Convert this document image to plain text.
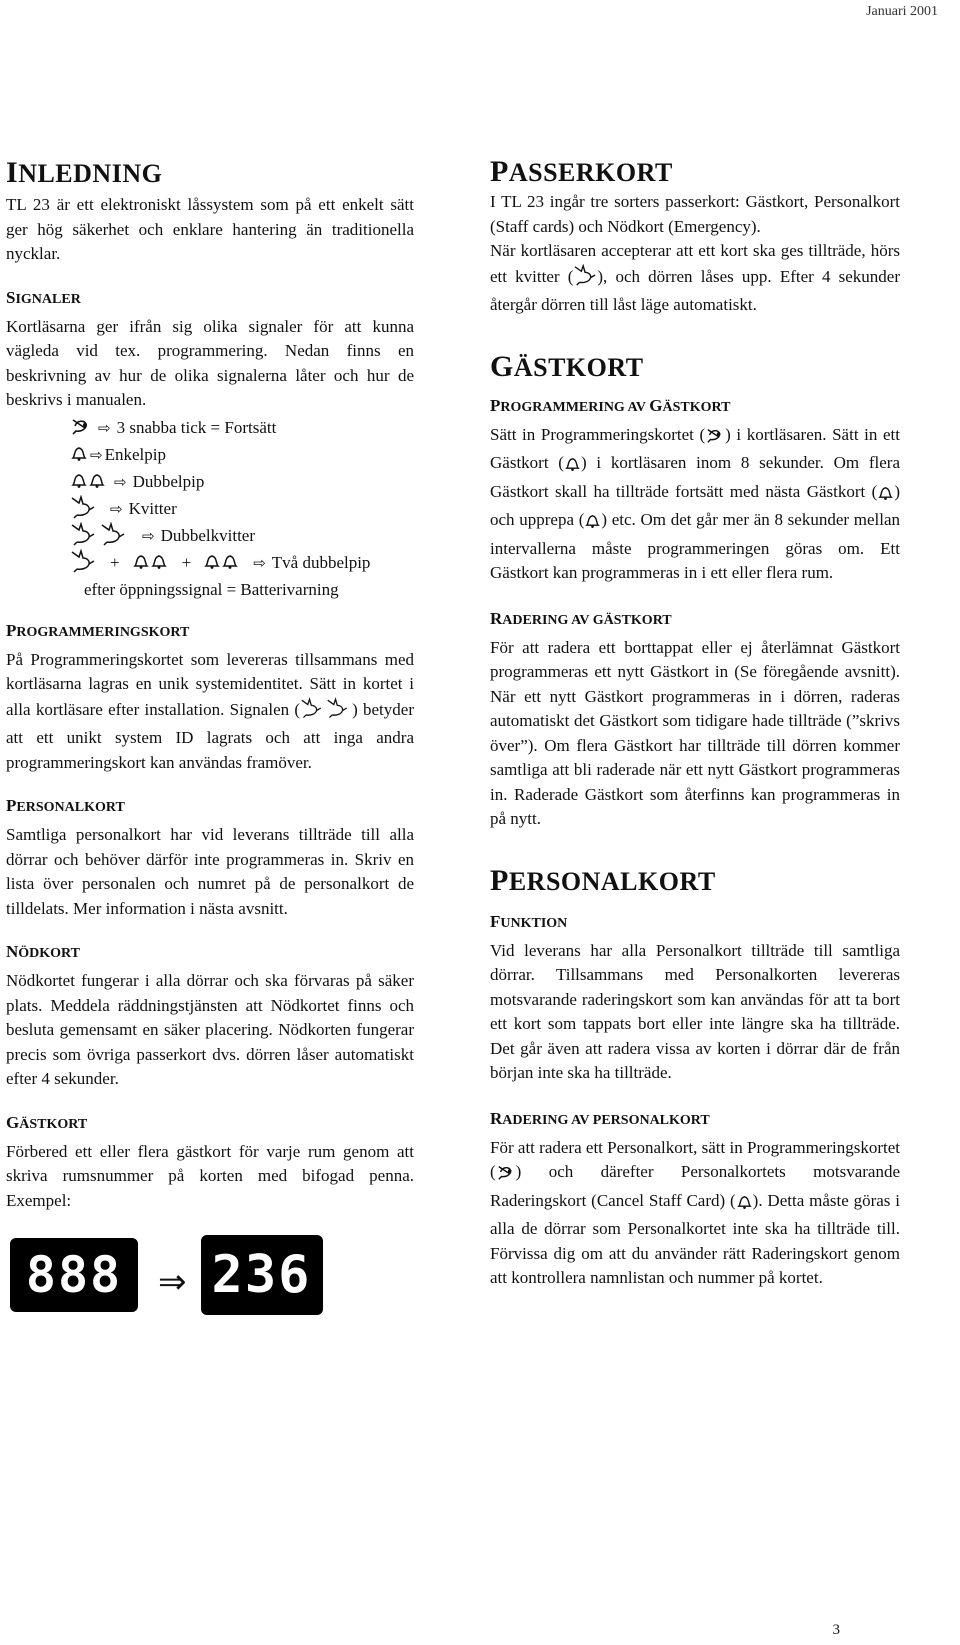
Januari 2001
INLEDNING

TL 23 är ett elektroniskt låssystem som på ett enkelt sätt ger hög säkerhet och enklare hantering än traditionella nycklar.

SIGNALER

Kortläsarna ger ifrån sig olika signaler för att kunna vägleda vid tex. programmering. Nedan finns en beskrivning av hur de olika signalerna låter och hur de beskrivs i manualen.

⇨ 3 snabba tick = Fortsätt
⇨ Enkelpip
⇨ Dubbelpip
⇨ Kvitter
⇨ Dubbelkvitter
+	+	⇨ Två dubbelpip
efter öppningssignal = Batterivarning
PROGRAMMERINGSKORT

På Programmeringskortet som levereras tillsammans med kortläsarna lagras en unik systemidentitet. Sätt in kortet i alla kortläsare efter installation. Signalen (	) betyder att ett unikt system ID lagrats och att inga andra programmeringskort kan användas framöver.

PERSONALKORT

Samtliga personalkort har vid leverans tillträde till alla dörrar och behöver därför inte programmeras in. Skriv en lista över personalen och numret på de personalkort de tilldelats. Mer information i nästa avsnitt.

NÖDKORT

Nödkortet fungerar i alla dörrar och ska förvaras på säker plats. Meddela räddningstjänsten att Nödkortet finns och besluta gemensamt en säker placering. Nödkorten fungerar precis som övriga passerkort dvs. dörren låser automatiskt efter 4 sekunder.

GÄSTKORT

Förbered ett eller flera gästkort för varje rum genom att skriva rumsnummer på korten med bifogad penna. Exempel:

888	⇒ 236
PASSERKORT

I TL 23 ingår tre sorters passerkort: Gästkort, Personalkort (Staff cards) och Nödkort (Emergency).

När kortläsaren accepterar att ett kort ska ges tillträde, hörs ett kvitter ( ), och dörren låses upp. Efter 4 sekunder återgår dörren till låst läge automatiskt.

GÄSTKORT
PROGRAMMERING AV GÄSTKORT

Sätt in Programmeringskortet ( ) i kortläsaren. Sätt in ett Gästkort ( ) i kortläsaren inom 8 sekunder. Om flera Gästkort skall ha tillträde fortsätt med nästa Gästkort ( ) och upprepa ( ) etc. Om det går mer än 8 sekunder mellan intervallerna måste programmeringen göras om. Ett Gästkort kan programmeras in i ett eller flera rum.

RADERING AV GÄSTKORT

För att radera ett borttappat eller ej återlämnat Gästkort programmeras ett nytt Gästkort in (Se föregående avsnitt). När ett nytt Gästkort programmeras in i dörren, raderas automatiskt det Gästkort som tidigare hade tillträde (”skrivs över”). Om flera Gästkort har tillträde till dörren kommer samtliga att bli raderade när ett nytt Gästkort programmeras in. Raderade Gästkort som återfinns kan programmeras in på nytt.

PERSONALKORT
FUNKTION

Vid leverans har alla Personalkort tillträde till samtliga dörrar. Tillsammans med Personalkorten levereras motsvarande raderingskort som kan användas för att ta bort ett kort som tappats bort eller inte längre ska ha tillträde. Det går även att radera vissa av korten i dörrar där de från början inte ska ha tillträde.

RADERING AV PERSONALKORT

För att radera ett Personalkort, sätt in Programmeringskortet ( ) och därefter Personalkortets motsvarande Raderingskort (Cancel Staff Card) ( ). Detta måste göras i alla de dörrar som Personalkortet inte ska ha tillträde till. Förvissa dig om att du använder rätt Raderingskort genom att kontrollera namnlistan och nummer på kortet.

3
